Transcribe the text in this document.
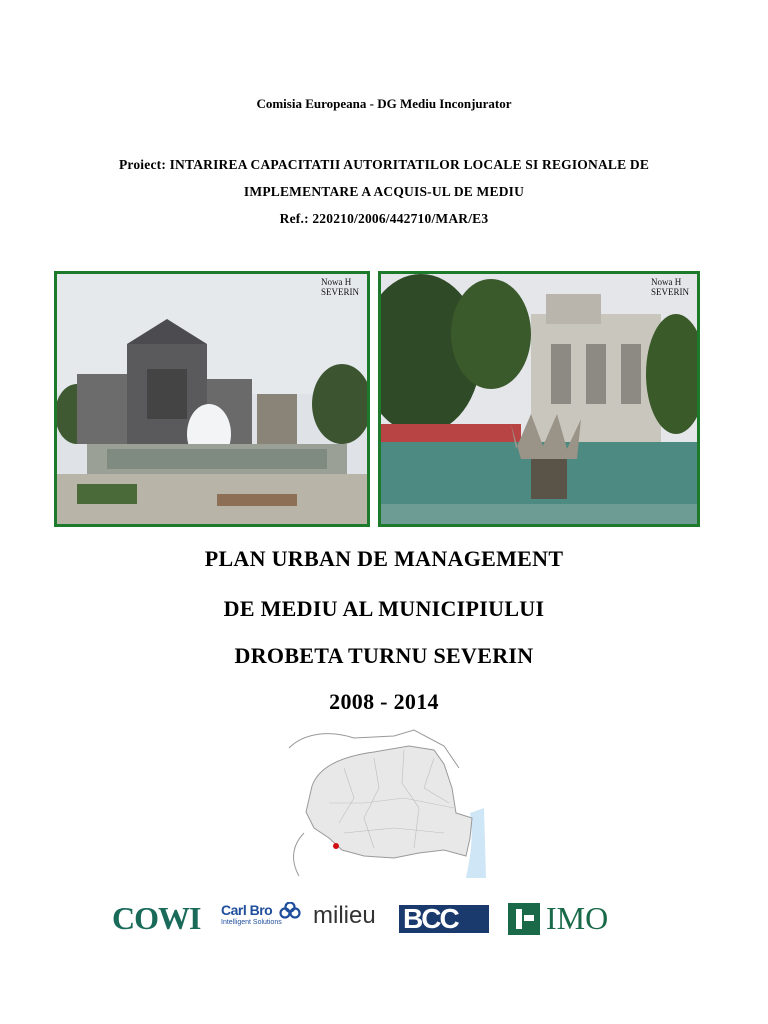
Comisia Europeana - DG Mediu Inconjurator
Proiect: INTARIREA CAPACITATII AUTORITATILOR LOCALE SI REGIONALE DE
IMPLEMENTARE A ACQUIS-UL DE MEDIU
Ref.: 220210/2006/442710/MAR/E3
Nowa H
SEVERIN
Nowa H
SEVERIN
PLAN URBAN DE MANAGEMENT
DE MEDIU AL MUNICIPIULUI
DROBETA TURNU SEVERIN
2008 - 2014
COWI Carl Bro
Intelligent Solutions	milieu BCC	IMO
